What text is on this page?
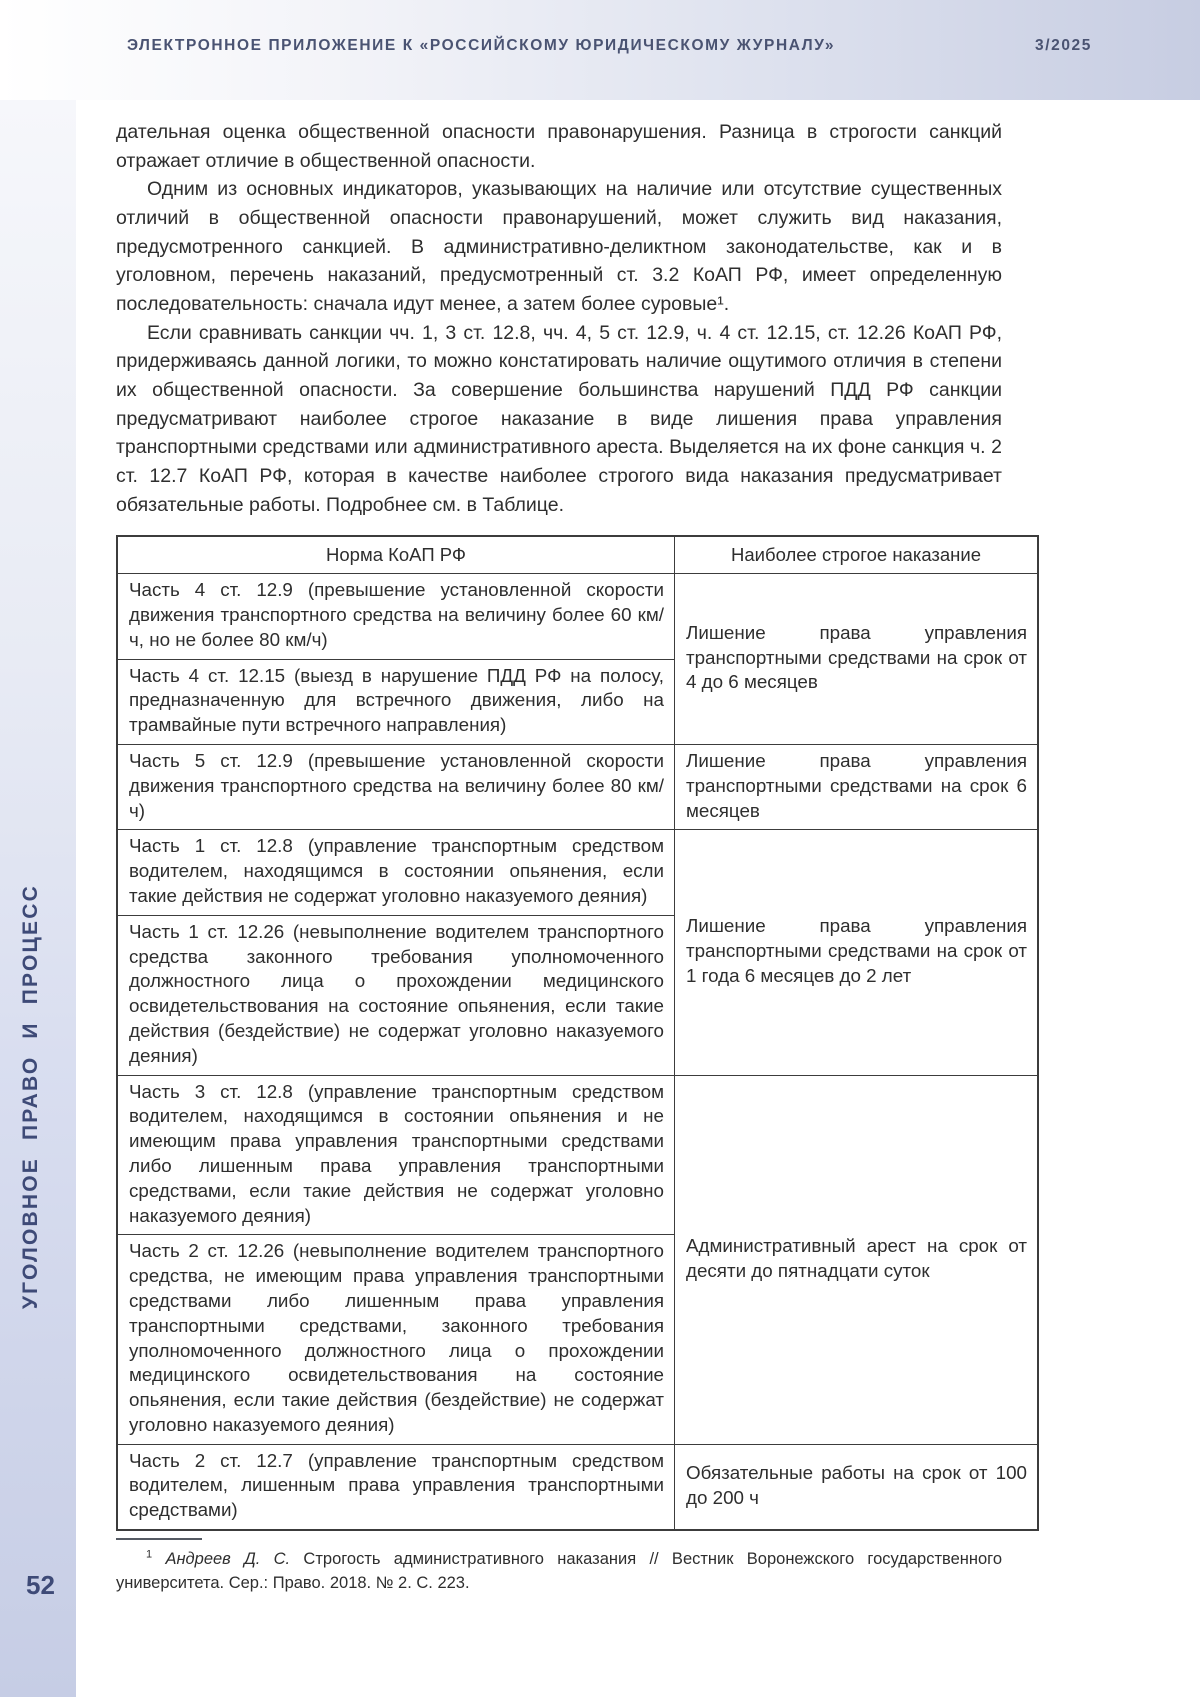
ЭЛЕКТРОННОЕ ПРИЛОЖЕНИЕ К «РОССИЙСКОМУ ЮРИДИЧЕСКОМУ ЖУРНАЛУ»	3/2025
УГОЛОВНОЕ ПРАВО И ПРОЦЕСС
52

дательная оценка общественной опасности правонарушения. Разница в строгости санкций отражает отличие в общественной опасности.

Одним из основных индикаторов, указывающих на наличие или отсутствие существенных отличий в общественной опасности правонарушений, может служить вид наказания, предусмотренного санкцией. В административно-деликтном законодательстве, как и в уголовном, перечень наказаний, предусмотренный ст. 3.2 КоАП РФ, имеет определенную последовательность: сначала идут менее, а затем более суровые¹.

Если сравнивать санкции чч. 1, 3 ст. 12.8, чч. 4, 5 ст. 12.9, ч. 4 ст. 12.15, ст. 12.26 КоАП РФ, придерживаясь данной логики, то можно констатировать наличие ощутимого отличия в степени их общественной опасности. За совершение большинства нарушений ПДД РФ санкции предусматривают наиболее строгое наказание в виде лишения права управления транспортными средствами или административного ареста. Выделяется на их фоне санкция ч. 2 ст. 12.7 КоАП РФ, которая в качестве наиболее строгого вида наказания предусматривает обязательные работы. Подробнее см. в Таблице.

Норма КоАП РФ	Наиболее строгое наказание
Часть 4 ст. 12.9 (превышение установленной скорости движения транспортного средства на величину более 60 км/ч, но не более 80 км/ч)	Лишение права управления транспортными средствами на срок от 4 до 6 месяцев
Часть 4 ст. 12.15 (выезд в нарушение ПДД РФ на полосу, предназначенную для встречного движения, либо на трамвайные пути встречного направления)	
Часть 5 ст. 12.9 (превышение установленной скорости движения транспортного средства на величину более 80 км/ч)	Лишение права управления транспортными средствами на срок 6 месяцев
Часть 1 ст. 12.8 (управление транспортным средством водителем, находящимся в состоянии опьянения, если такие действия не содержат уголовно наказуемого деяния)	Лишение права управления транспортными средствами на срок от 1 года 6 месяцев до 2 лет
Часть 1 ст. 12.26 (невыполнение водителем транспортного средства законного требования уполномоченного должностного лица о прохождении медицинского освидетельствования на состояние опьянения, если такие действия (бездействие) не содержат уголовно наказуемого деяния)	
Часть 3 ст. 12.8 (управление транспортным средством водителем, находящимся в состоянии опьянения и не имеющим права управления транспортными средствами либо лишенным права управления транспортными средствами, если такие действия не содержат уголовно наказуемого деяния)	Административный арест на срок от десяти до пятнадцати суток
Часть 2 ст. 12.26 (невыполнение водителем транспортного средства, не имеющим права управления транспортными средствами либо лишенным права управления транспортными средствами, законного требования уполномоченного должностного лица о прохождении медицинского освидетельствования на состояние опьянения, если такие действия (бездействие) не содержат уголовно наказуемого деяния)	
Часть 2 ст. 12.7 (управление транспортным средством водителем, лишенным права управления транспортными средствами)	Обязательные работы на срок от 100 до 200 ч

$^1$ Андреев Д. С. Строгость административного наказания // Вестник Воронежского государственного университета. Сер.: Право. 2018. № 2. С. 223.
